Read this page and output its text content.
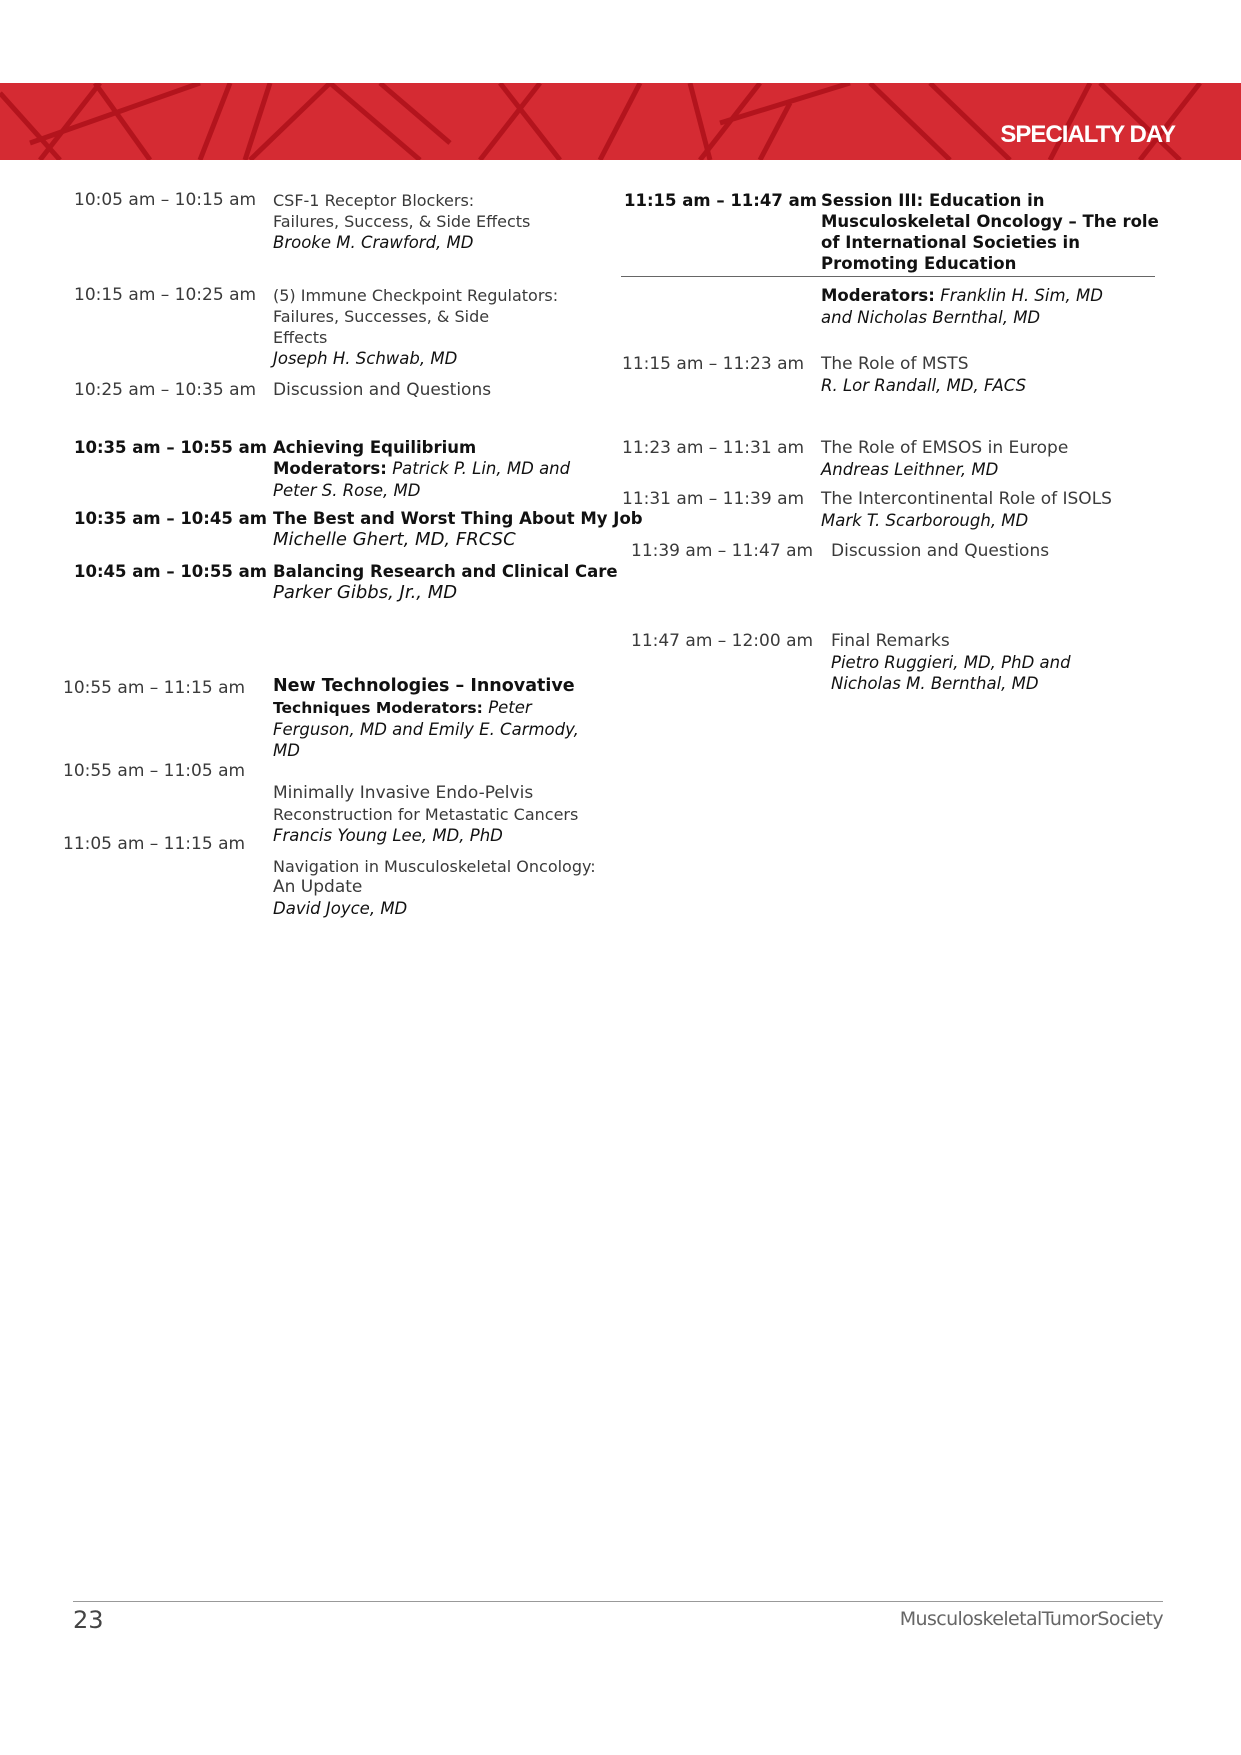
SPECIALTY DAY
10:05 am – 10:15 am CSF-1 Receptor Blockers:
Failures, Success, & Side Effects
Brooke M. Crawford, MD
10:15 am – 10:25 am (5) Immune Checkpoint Regulators:
Failures, Successes, & Side
Effects
Joseph H. Schwab, MD
10:25 am – 10:35 am Discussion and Questions
10:35 am – 10:55 am Achieving Equilibrium
Moderators: Patrick P. Lin, MD and
Peter S. Rose, MD
10:35 am – 10:45 am The Best and Worst Thing About My Job
Michelle Ghert, MD, FRCSC
10:45 am – 10:55 am Balancing Research and Clinical Care
Parker Gibbs, Jr., MD
10:55 am – 11:15 am New Technologies – Innovative
Techniques Moderators: Peter
Ferguson, MD and Emily E. Carmody,
MD
10:55 am – 11:05 am
Minimally Invasive Endo-Pelvis
Reconstruction for Metastatic Cancers
Francis Young Lee, MD, PhD
11:05 am – 11:15 am
Navigation in Musculoskeletal Oncology:
An Update
David Joyce, MD
11:15 am – 11:47 am Session III: Education in
Musculoskeletal Oncology – The role
of International Societies in
Promoting Education
Moderators: Franklin H. Sim, MD
and Nicholas Bernthal, MD
11:15 am – 11:23 am The Role of MSTS
R. Lor Randall, MD, FACS
11:23 am – 11:31 am The Role of EMSOS in Europe
Andreas Leithner, MD
11:31 am – 11:39 am The Intercontinental Role of ISOLS
Mark T. Scarborough, MD
11:39 am – 11:47 am Discussion and Questions
11:47 am – 12:00 am Final Remarks
Pietro Ruggieri, MD, PhD and
Nicholas M. Bernthal, MD
23	MusculoskeletalTumorSociety
